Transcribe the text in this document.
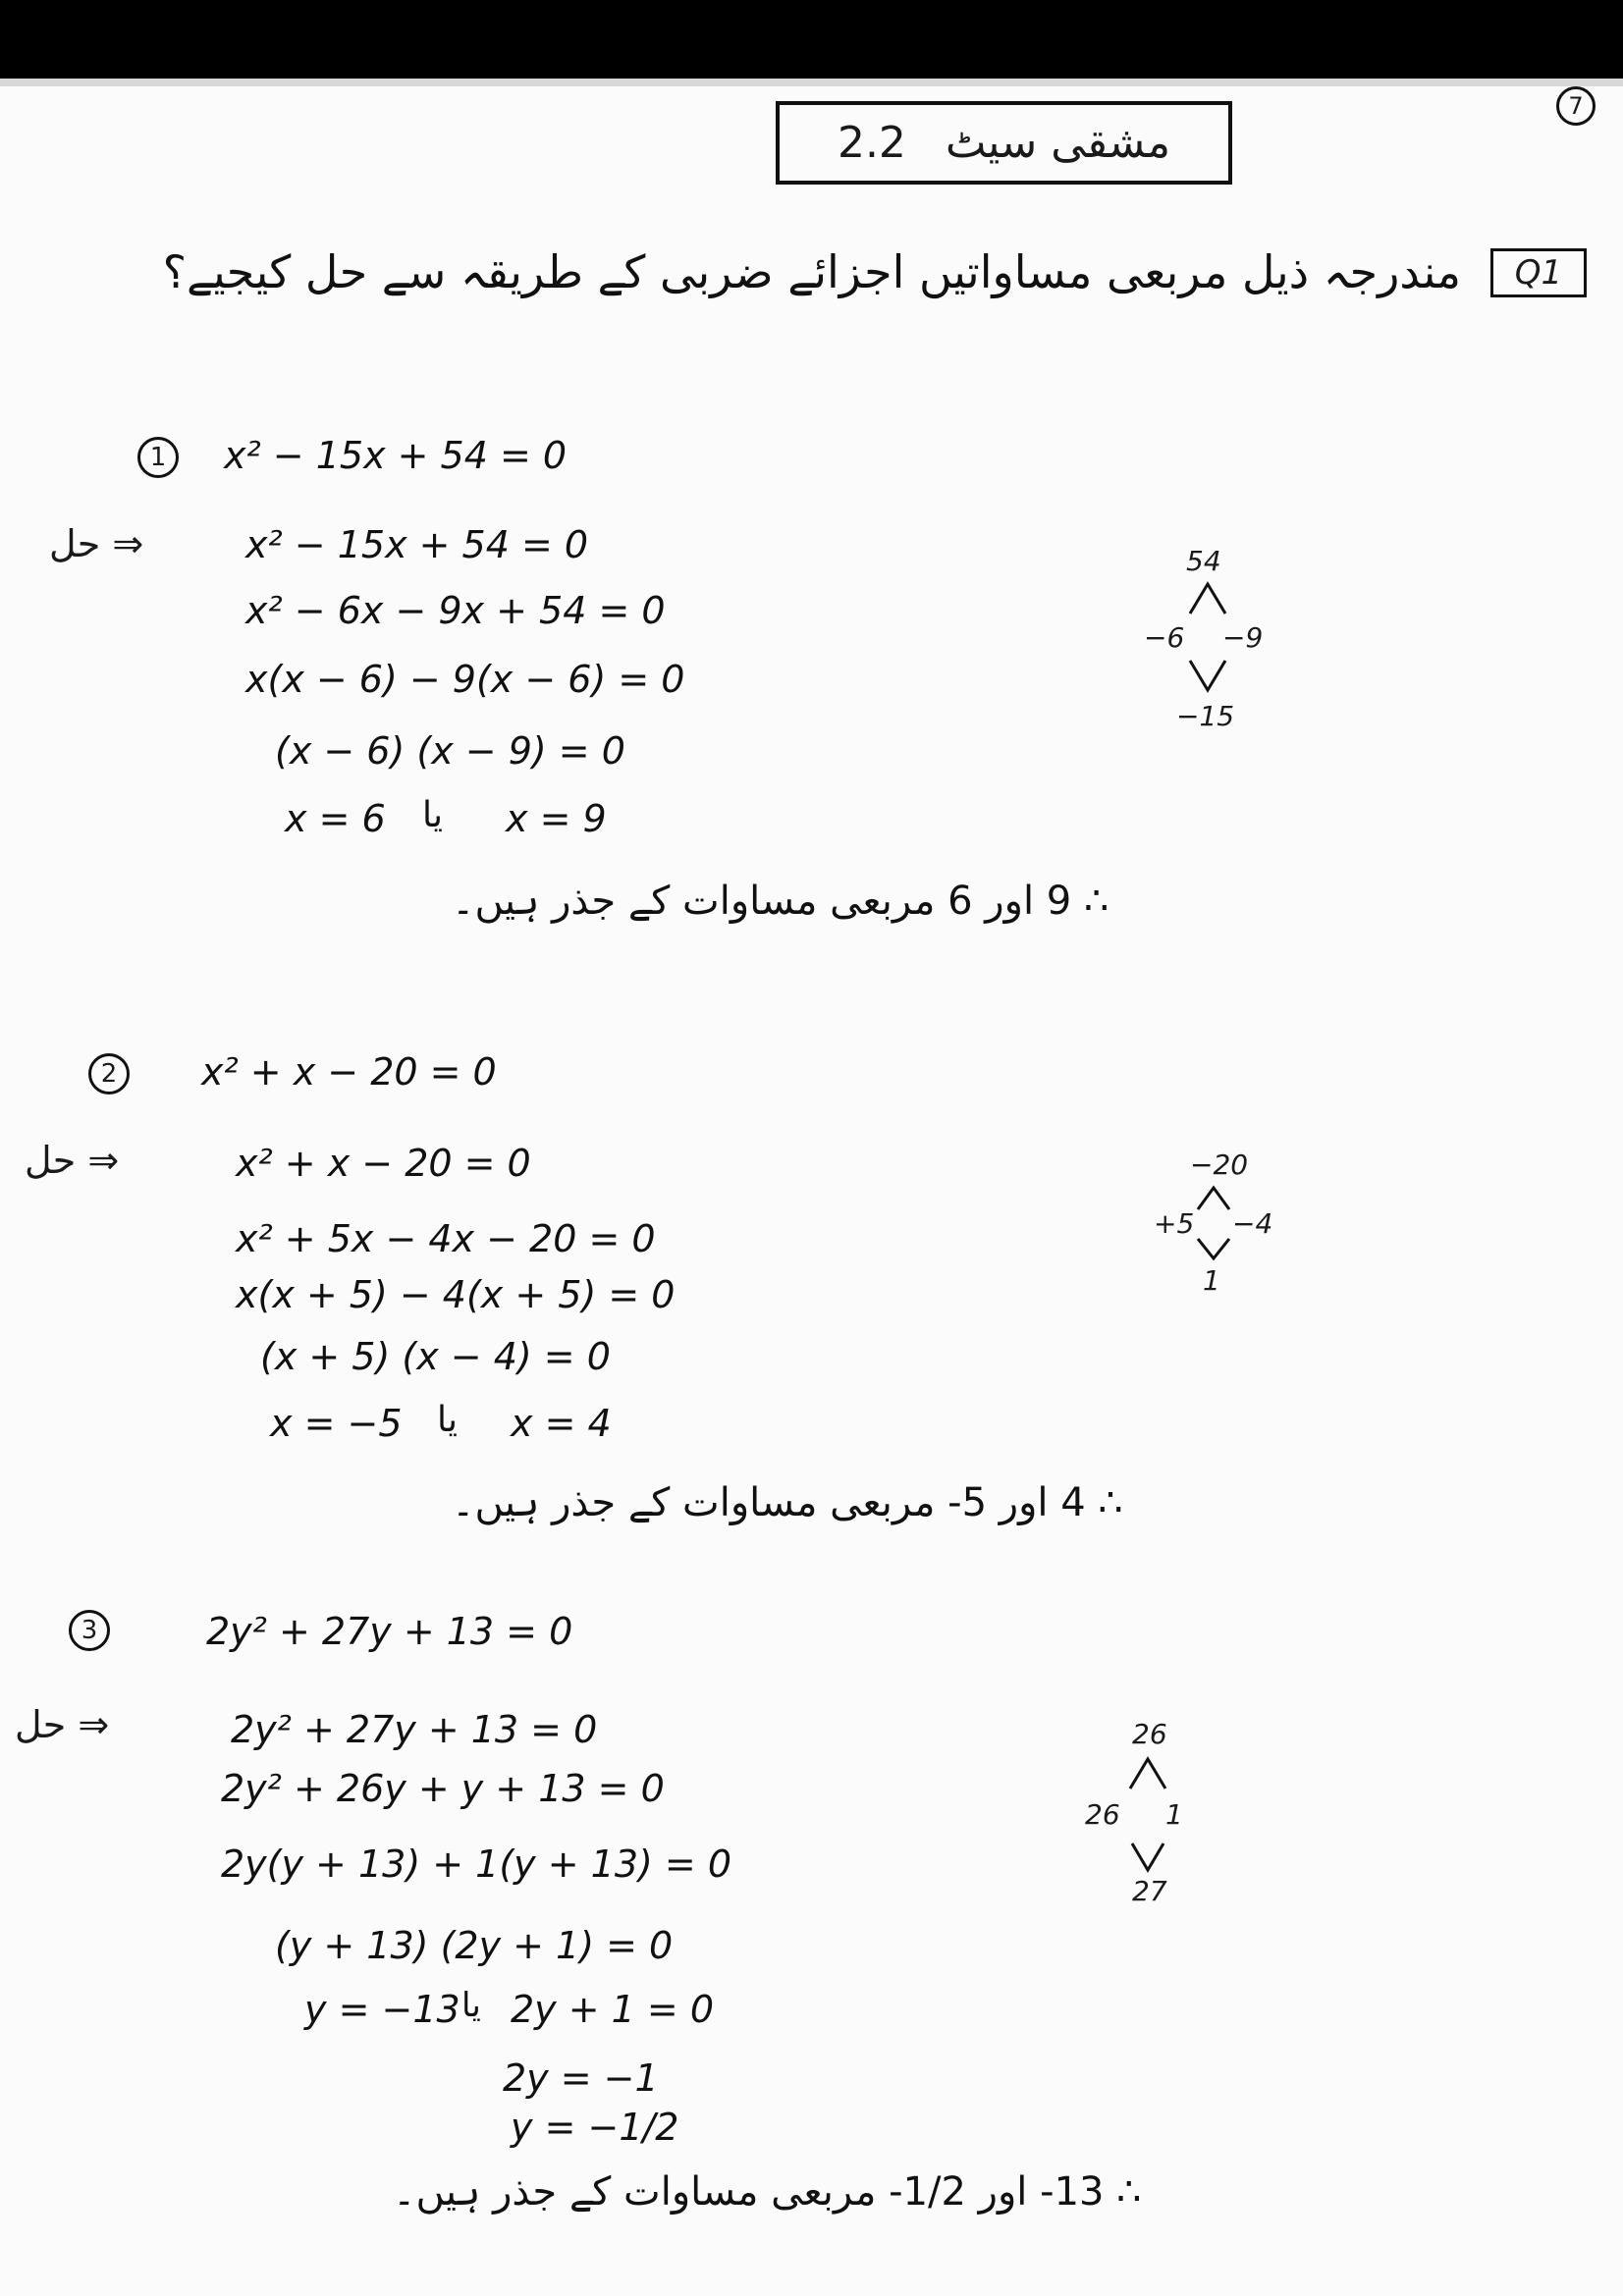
7
2.2 مشقی سیٹ
Q1
مندرجہ ذیل مربعی مساواتیں اجزائے ضربی کے طریقہ سے حل کیجیے؟
1	x² − 15x + 54 = 0
حل ⇒	x² − 15x + 54 = 0
x² − 6x − 9x + 54 = 0
x(x − 6) − 9(x − 6) = 0
(x − 6) (x − 9) = 0
x = 6 یا x = 9
∴ 9 اور 6 مربعی مساوات کے جذر ہیں۔
54
−6 −9
−15
2	x² + x − 20 = 0
حل ⇒	x² + x − 20 = 0
x² + 5x − 4x − 20 = 0
x(x + 5) − 4(x + 5) = 0
(x + 5) (x − 4) = 0
x = −5 یا x = 4
∴ 4 اور 5- مربعی مساوات کے جذر ہیں۔
−20
+5 −4
1
3	2y² + 27y + 13 = 0
حل ⇒	2y² + 27y + 13 = 0
2y² + 26y + y + 13 = 0
2y(y + 13) + 1(y + 13) = 0
(y + 13) (2y + 1) = 0
y = −13 یا 2y + 1 = 0
2y = −1
y = −1/2
∴ 13- اور 1/2- مربعی مساوات کے جذر ہیں۔
26
26 1
27
